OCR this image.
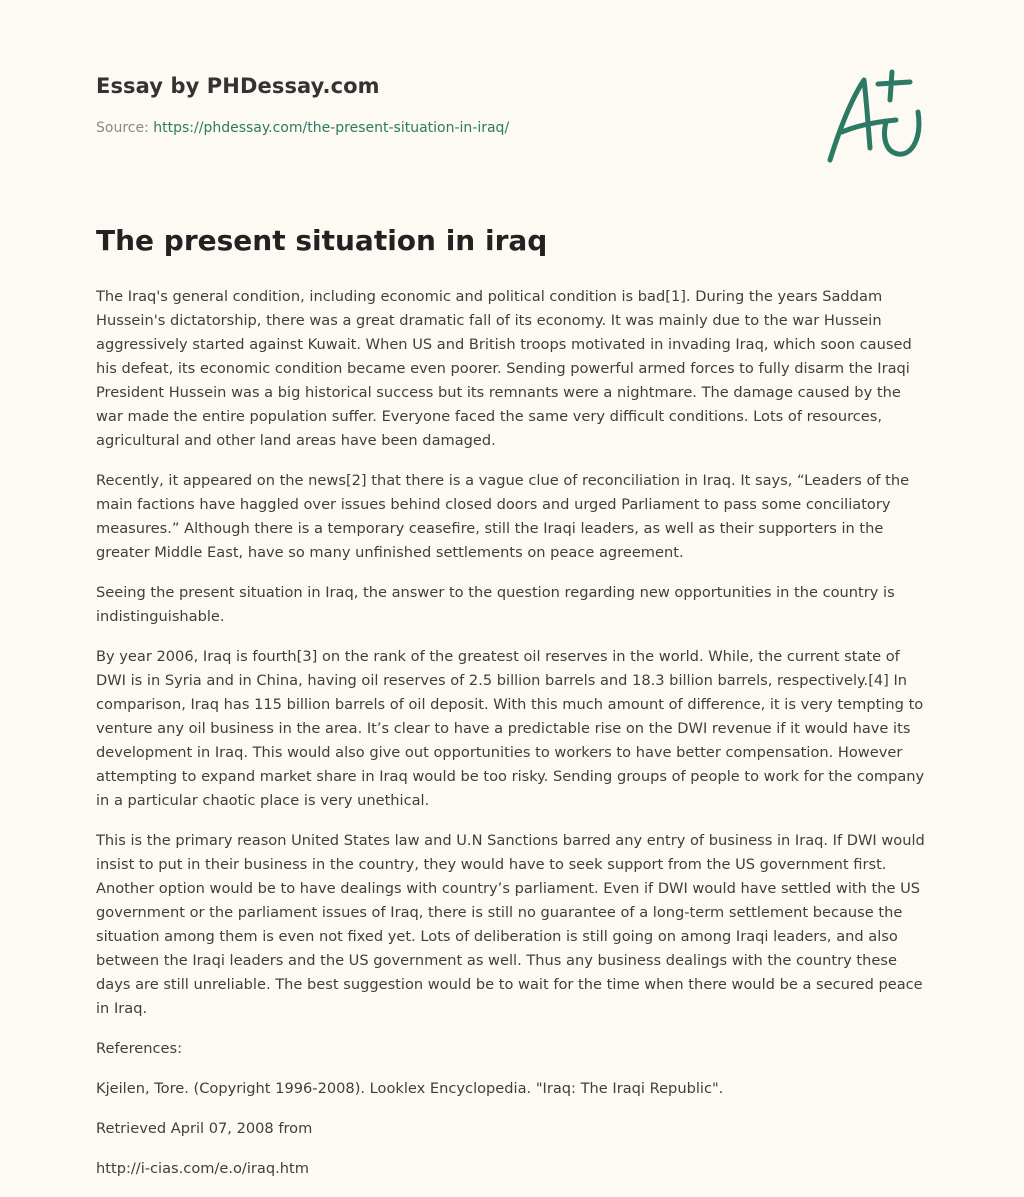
Essay by PHDessay.com
Source: https://phdessay.com/the-present-situation-in-iraq/
The present situation in iraq

The Iraq's general condition, including economic and political condition is bad[1]. During the years Saddam Hussein's dictatorship, there was a great dramatic fall of its economy. It was mainly due to the war Hussein aggressively started against Kuwait. When US and British troops motivated in invading Iraq, which soon caused his defeat, its economic condition became even poorer. Sending powerful armed forces to fully disarm the Iraqi President Hussein was a big historical success but its remnants were a nightmare. The damage caused by the war made the entire population suffer. Everyone faced the same very difficult conditions. Lots of resources, agricultural and other land areas have been damaged.

Recently, it appeared on the news[2] that there is a vague clue of reconciliation in Iraq. It says, “Leaders of the main factions have haggled over issues behind closed doors and urged Parliament to pass some conciliatory measures.” Although there is a temporary ceasefire, still the Iraqi leaders, as well as their supporters in the greater Middle East, have so many unfinished settlements on peace agreement.

Seeing the present situation in Iraq, the answer to the question regarding new opportunities in the country is indistinguishable.

By year 2006, Iraq is fourth[3] on the rank of the greatest oil reserves in the world. While, the current state of DWI is in Syria and in China, having oil reserves of 2.5 billion barrels and 18.3 billion barrels, respectively.[4] In comparison, Iraq has 115 billion barrels of oil deposit. With this much amount of difference, it is very tempting to venture any oil business in the area. It’s clear to have a predictable rise on the DWI revenue if it would have its development in Iraq. This would also give out opportunities to workers to have better compensation. However attempting to expand market share in Iraq would be too risky. Sending groups of people to work for the company in a particular chaotic place is very unethical.

This is the primary reason United States law and U.N Sanctions barred any entry of business in Iraq. If DWI would insist to put in their business in the country, they would have to seek support from the US government first. Another option would be to have dealings with country’s parliament. Even if DWI would have settled with the US government or the parliament issues of Iraq, there is still no guarantee of a long-term settlement because the situation among them is even not fixed yet. Lots of deliberation is still going on among Iraqi leaders, and also between the Iraqi leaders and the US government as well. Thus any business dealings with the country these days are still unreliable. The best suggestion would be to wait for the time when there would be a secured peace in Iraq.

References:

Kjeilen, Tore. (Copyright 1996-2008). Looklex Encyclopedia. "Iraq: The Iraqi Republic".

Retrieved April 07, 2008 from

http://i-cias.com/e.o/iraq.htm
